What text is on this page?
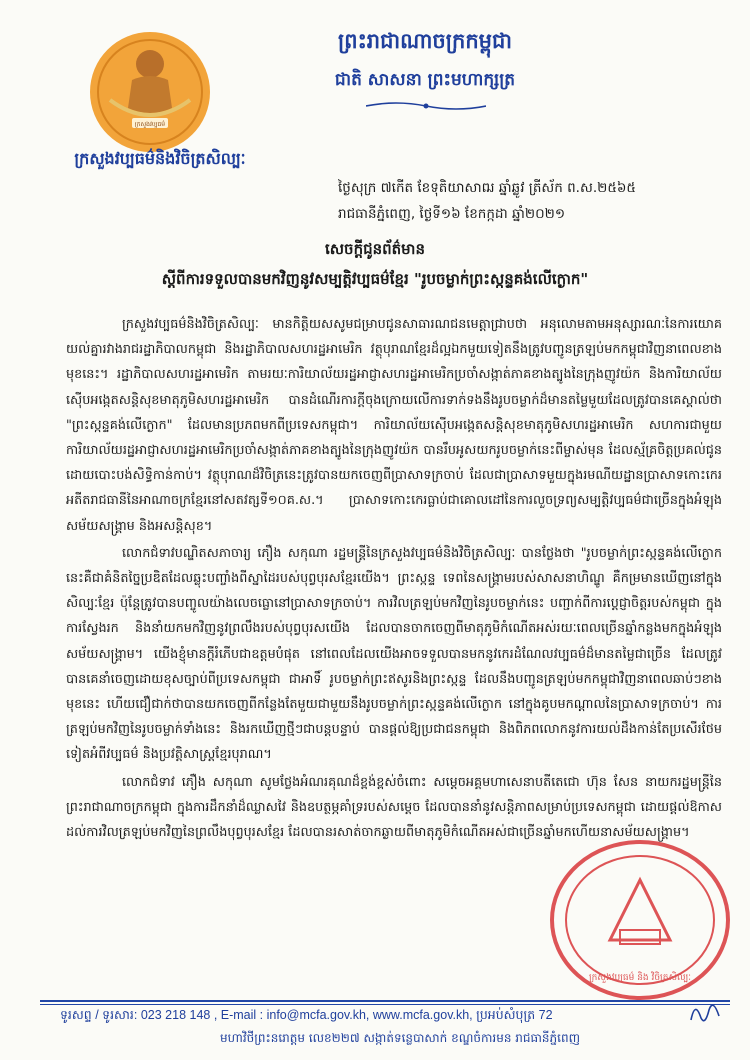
ក្រសួងវប្បធម៌
ក្រសួងវប្បធម៌និងវិចិត្រសិល្បៈ
ព្រះរាជាណាចក្រកម្ពុជា
ជាតិ សាសនា ព្រះមហាក្សត្រ
ថ្ងៃសុក្រ ៧កើត ខែទុតិយាសាឍ ឆ្នាំឆ្លូវ ត្រីស័ក ព.ស.២៥៦៥
រាជធានីភ្នំពេញ, ថ្ងៃទី១៦ ខែកក្កដា ឆ្នាំ២០២១
សេចក្ដីជូនព័ត៌មាន
ស្ដីពីការទទួលបានមកវិញនូវសម្បត្តិវប្បធម៌ខ្មែរ "រូបចម្លាក់ព្រះស្កន្ទគង់លើក្ងោក"

ក្រសួងវប្បធម៌និងវិចិត្រសិល្បៈ មានកិត្តិយសសូមជម្រាបជូនសាធារណជនមេត្តាជ្រាបថា អនុលោមតាមអនុស្សារណៈនៃការយោគយល់គ្នារវាងរាជរដ្ឋាភិបាលកម្ពុជា និងរដ្ឋាភិបាលសហរដ្ឋអាមេរិក វត្ថុបុរាណខ្មែរដ៏ល្អឯកមួយទៀតនឹងត្រូវបញ្ជូនត្រឡប់មកកម្ពុជាវិញនាពេលខាងមុខនេះ។ រដ្ឋាភិបាលសហរដ្ឋអាមេរិក តាមរយៈការិយាល័យរដ្ឋអាជ្ញាសហរដ្ឋអាមេរិកប្រចាំសង្កាត់ភាគខាងត្បូងនៃក្រុងញូវយ៉ក និងការិយាល័យស៊ើបអង្កេតសន្តិសុខមាតុភូមិសហរដ្ឋអាមេរិក បានដំណើរការក្តីចុងក្រោយលើការទាក់ទងនឹងរូបចម្លាក់ដ៏មានតម្លៃមួយដែលត្រូវបានគេស្គាល់ថា "ព្រះស្កន្ទគង់លើក្ងោក" ដែលមានប្រភពមកពីប្រទេសកម្ពុជា។ ការិយាល័យស៊ើបអង្កេតសន្តិសុខមាតុភូមិសហរដ្ឋអាមេរិក សហការជាមួយការិយាល័យរដ្ឋអាជ្ញាសហរដ្ឋអាមេរិកប្រចាំសង្កាត់ភាគខាងត្បូងនៃក្រុងញូវយ៉ក បានរឹបអូសយករូបចម្លាក់នេះពីម្ចាស់មុន ដែលស្ម័គ្រចិត្តប្រគល់ជូនដោយបោះបង់សិទ្ធិកាន់កាប់។ វត្ថុបុរាណដ៏វិចិត្រនេះត្រូវបានយកចេញពីប្រាសាទក្រចាប់ ដែលជាប្រាសាទមួយក្នុងរមណីយដ្ឋានប្រាសាទកោះកេរ អតីតរាជធានីនៃអាណាចក្រខ្មែរនៅសតវត្សទី១០គ.ស.។ ប្រាសាទកោះកេរធ្លាប់ជាគោលដៅនៃការលួចទ្រព្យសម្បត្តិវប្បធម៌ជាច្រើនក្នុងអំឡុងសម័យសង្គ្រាម និងអសន្តិសុខ។

លោកជំទាវបណ្ឌិតសភាចារ្យ ភឿង សកុណា រដ្ឋមន្ត្រីនៃក្រសួងវប្បធម៌និងវិចិត្រសិល្បៈ បានថ្លែងថា "រូបចម្លាក់ព្រះស្កន្ទគង់លើក្ងោកនេះគឺជាគំនិតច្នៃប្រឌិតដែលឆ្លុះបញ្ចាំងពីស្នាដៃរបស់បុព្វបុរសខ្មែរយើង។ ព្រះស្កន្ទ ទេពនៃសង្គ្រាមរបស់សាសនាហិណ្ឌូ គឺកម្រមានឃើញនៅក្នុងសិល្បៈខ្មែរ ប៉ុន្តែត្រូវបានបញ្ចូលយ៉ាងលេចធ្លោនៅប្រាសាទក្រចាប់។ ការវិលត្រឡប់មកវិញនៃរូបចម្លាក់នេះ បញ្ជាក់ពីការប្តេជ្ញាចិត្តរបស់កម្ពុជា ក្នុងការស្វែងរក និងនាំយកមកវិញនូវព្រលឹងរបស់បុព្វបុរសយើង ដែលបានចាកចេញពីមាតុភូមិកំណើតអស់រយៈពេលច្រើនឆ្នាំកន្លងមកក្នុងអំឡុងសម័យសង្គ្រាម។ យើងខ្ញុំមានក្តីរំភើបជាឧត្តមបំផុត នៅពេលដែលយើងអាចទទួលបានមកនូវកេរដំណែលវប្បធម៌ដ៏មានតម្លៃជាច្រើន ដែលត្រូវបានគេនាំចេញដោយខុសច្បាប់ពីប្រទេសកម្ពុជា ជាអាទិ៍ រូបចម្លាក់ព្រះឥសូរនិងព្រះស្កន្ទ ដែលនឹងបញ្ជូនត្រឡប់មកកម្ពុជាវិញនាពេលឆាប់ៗខាងមុខនេះ ហើយជឿជាក់ថាបានយកចេញពីកន្លែងតែមួយជាមួយនឹងរូបចម្លាក់ព្រះស្កន្ទគង់លើក្ងោក នៅក្នុងគូបមកណ្តាលនៃប្រាសាទក្រចាប់។ ការត្រឡប់មកវិញនៃរូបចម្លាក់ទាំងនេះ និងរកឃើញថ្មីៗជាបន្តបន្ទាប់ បានផ្តល់ឱ្យប្រជាជនកម្ពុជា និងពិភពលោកនូវការយល់ដឹងកាន់តែប្រសើរថែមទៀតអំពីវប្បធម៌ និងប្រវត្តិសាស្ត្រខ្មែរបុរាណ។

លោកជំទាវ ភឿង សកុណា សូមថ្លែងអំណរគុណដ៏ខ្ពង់ខ្ពស់ចំពោះ សម្តេចអគ្គមហាសេនាបតីតេជោ ហ៊ុន សែន នាយករដ្ឋមន្ត្រីនៃព្រះរាជាណាចក្រកម្ពុជា ក្នុងការដឹកនាំដ៏ឈ្លាសវៃ និងឧបត្ថម្ភគាំទ្ររបស់សម្តេច ដែលបាននាំនូវសន្តិភាពសម្រាប់ប្រទេសកម្ពុជា ដោយផ្តល់ឱកាសដល់ការវិលត្រឡប់មកវិញនៃព្រលឹងបុព្វបុរសខ្មែរ ដែលបានរសាត់ចាកឆ្ងាយពីមាតុភូមិកំណើតអស់ជាច្រើនឆ្នាំមកហើយនាសម័យសង្គ្រាម។

ក្រសួងវប្បធម៌ និង វិចិត្រសិល្បៈ
ទូរសព្ទ / ទូរសារ: 023 218 148 , E-mail : info@mcfa.gov.kh, www.mcfa.gov.kh, ប្រអប់សំបុត្រ 72
មហាវិថីព្រះនរោត្តម លេខ២២៧ សង្កាត់ទន្លេបាសាក់ ខណ្ឌចំការមន រាជធានីភ្នំពេញ
